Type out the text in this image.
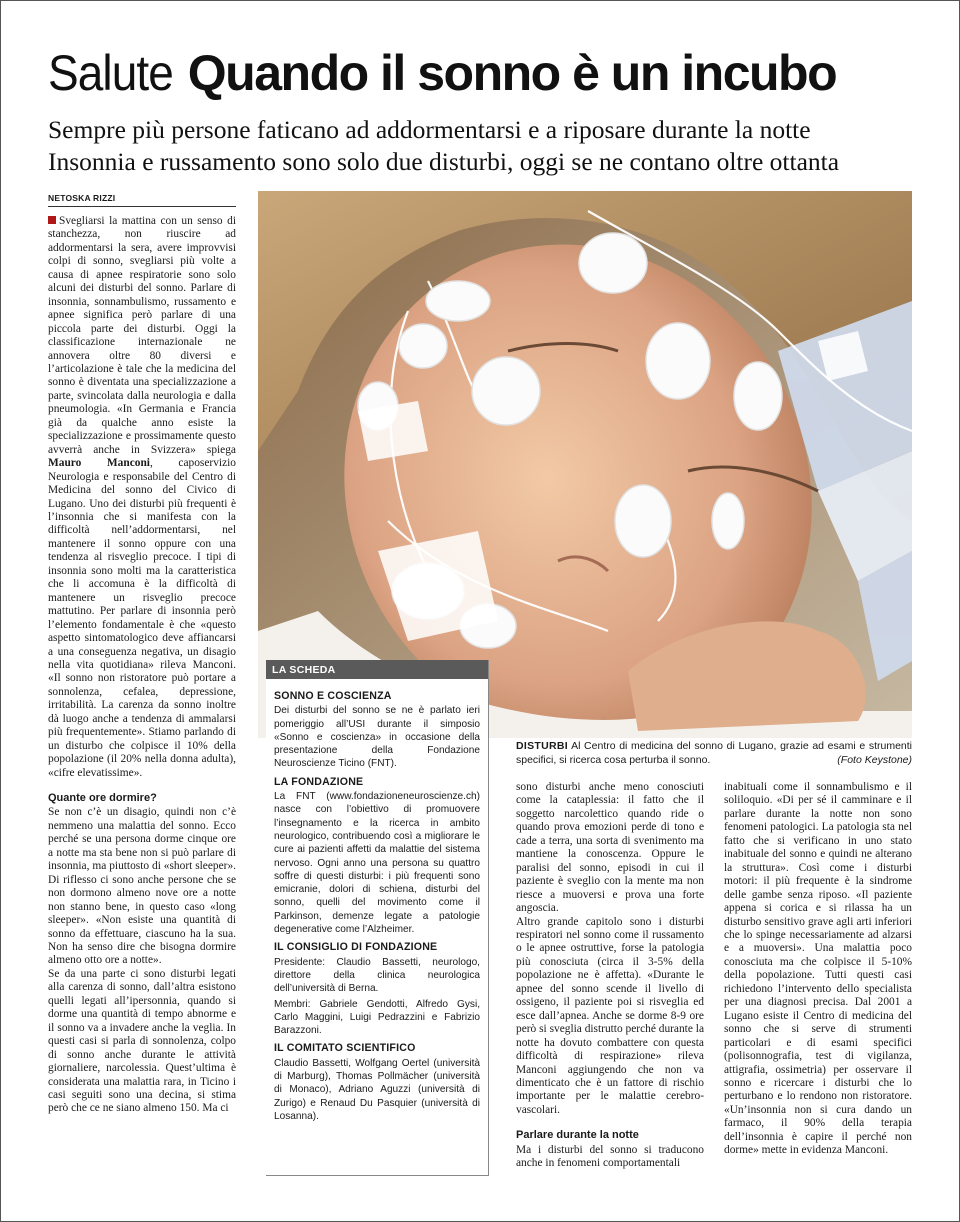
Salute Quando il sonno è un incubo
Sempre più persone faticano ad addormentarsi e a riposare durante la notte
Insonnia e russamento sono solo due disturbi, oggi se ne contano oltre ottanta
NETOSKA RIZZI

Svegliarsi la mattina con un senso di stanchezza, non riuscire ad addormentarsi la sera, avere improvvisi colpi di sonno, svegliarsi più volte a causa di apnee respiratorie sono solo alcuni dei disturbi del sonno. Parlare di insonnia, sonnambulismo, russamento e apnee significa però parlare di una piccola parte dei disturbi. Oggi la classificazione internazionale ne annovera oltre 80 diversi e l’articolazione è tale che la medicina del sonno è diventata una specializzazione a parte, svincolata dalla neurologia e dalla pneumologia. «In Germania e Francia già da qualche anno esiste la specializzazione e prossimamente questo avverrà anche in Svizzera» spiega Mauro Manconi, caposervizio Neurologia e responsabile del Centro di Medicina del sonno del Civico di Lugano. Uno dei disturbi più frequenti è l’insonnia che si manifesta con la difficoltà nell’addormentarsi, nel mantenere il sonno oppure con una tendenza al risveglio precoce. I tipi di insonnia sono molti ma la caratteristica che li accomuna è la difficoltà di mantenere un risveglio precoce mattutino. Per parlare di insonnia però l’elemento fondamentale è che «questo aspetto sintomatologico deve affiancarsi a una conseguenza negativa, un disagio nella vita quotidiana» rileva Manconi. «Il sonno non ristoratore può portare a sonnolenza, cefalea, depressione, irritabilità. La carenza da sonno inoltre dà luogo anche a tendenza di ammalarsi più frequentemente». Stiamo parlando di un disturbo che colpisce il 10% della popolazione (il 20% nella donna adulta), «cifre elevatissime».

Quante ore dormire?

Se non c’è un disagio, quindi non c’è nemmeno una malattia del sonno. Ecco perché se una persona dorme cinque ore a notte ma sta bene non si può parlare di insonnia, ma piuttosto di «short sleeper». Di riflesso ci sono anche persone che se non dormono almeno nove ore a notte non stanno bene, in questo caso «long sleeper». «Non esiste una quantità di sonno da effettuare, ciascuno ha la sua. Non ha senso dire che bisogna dormire almeno otto ore a notte».

Se da una parte ci sono disturbi legati alla carenza di sonno, dall’altra esistono quelli legati all’ipersonnia, quando si dorme una quantità di tempo abnorme e il sonno va a invadere anche la veglia. In questi casi si parla di sonnolenza, colpo di sonno anche durante le attività giornaliere, narcolessia. Quest’ultima è considerata una malattia rara, in Ticino i casi seguiti sono una decina, si stima però che ce ne siano almeno 150. Ma ci

LA SCHEDA
SONNO E COSCIENZA

Dei disturbi del sonno se ne è parlato ieri pomeriggio all’USI durante il simposio «Sonno e coscienza» in occasione della presentazione della Fondazione Neuroscienze Ticino (FNT).

LA FONDAZIONE

La FNT (www.fondazioneneuroscienze.ch) nasce con l’obiettivo di promuovere l’insegnamento e la ricerca in ambito neurologico, contribuendo così a migliorare le cure ai pazienti affetti da malattie del sistema nervoso. Ogni anno una persona su quattro soffre di questi disturbi: i più frequenti sono emicranie, dolori di schiena, disturbi del sonno, quelli del movimento come il Parkinson, demenze legate a patologie degenerative come l’Alzheimer.

IL CONSIGLIO DI FONDAZIONE

Presidente: Claudio Bassetti, neurologo, direttore della clinica neurologica dell’università di Berna.

Membri: Gabriele Gendotti, Alfredo Gysi, Carlo Maggini, Luigi Pedrazzini e Fabrizio Barazzoni.

IL COMITATO SCIENTIFICO

Claudio Bassetti, Wolfgang Oertel (università di Marburg), Thomas Pollmächer (università di Monaco), Adriano Aguzzi (università di Zurigo) e Renaud Du Pasquier (università di Losanna).

DISTURBI Al Centro di medicina del sonno di Lugano, grazie ad esami e strumenti specifici, si ricerca cosa perturba il sonno.	(Foto Keystone)

sono disturbi anche meno conosciuti come la cataplessia: il fatto che il soggetto narcolettico quando ride o quando prova emozioni perde di tono e cade a terra, una sorta di svenimento ma mantiene la conoscenza. Oppure le paralisi del sonno, episodi in cui il paziente è sveglio con la mente ma non riesce a muoversi e prova una forte angoscia.

Altro grande capitolo sono i disturbi respiratori nel sonno come il russamento o le apnee ostruttive, forse la patologia più conosciuta (circa il 3-5% della popolazione ne è affetta). «Durante le apnee del sonno scende il livello di ossigeno, il paziente poi si risveglia ed esce dall’apnea. Anche se dorme 8-9 ore però si sveglia distrutto perché durante la notte ha dovuto combattere con questa difficoltà di respirazione» rileva Manconi aggiungendo che non va dimenticato che è un fattore di rischio importante per le malattie cerebro-vascolari.

Parlare durante la notte

Ma i disturbi del sonno si traducono anche in fenomeni comportamentali

inabituali come il sonnambulismo e il soliloquio. «Di per sé il camminare e il parlare durante la notte non sono fenomeni patologici. La patologia sta nel fatto che si verificano in uno stato inabituale del sonno e quindi ne alterano la struttura». Così come i disturbi motori: il più frequente è la sindrome delle gambe senza riposo. «Il paziente appena si corica e si rilassa ha un disturbo sensitivo grave agli arti inferiori che lo spinge necessariamente ad alzarsi e a muoversi». Una malattia poco conosciuta ma che colpisce il 5-10% della popolazione. Tutti questi casi richiedono l’intervento dello specialista per una diagnosi precisa. Dal 2001 a Lugano esiste il Centro di medicina del sonno che si serve di strumenti particolari e di esami specifici (polisonnografia, test di vigilanza, attigrafia, ossimetria) per osservare il sonno e ricercare i disturbi che lo perturbano e lo rendono non ristoratore. «Un’insonnia non si cura dando un farmaco, il 90% della terapia dell’insonnia è capire il perché non dorme» mette in evidenza Manconi.
